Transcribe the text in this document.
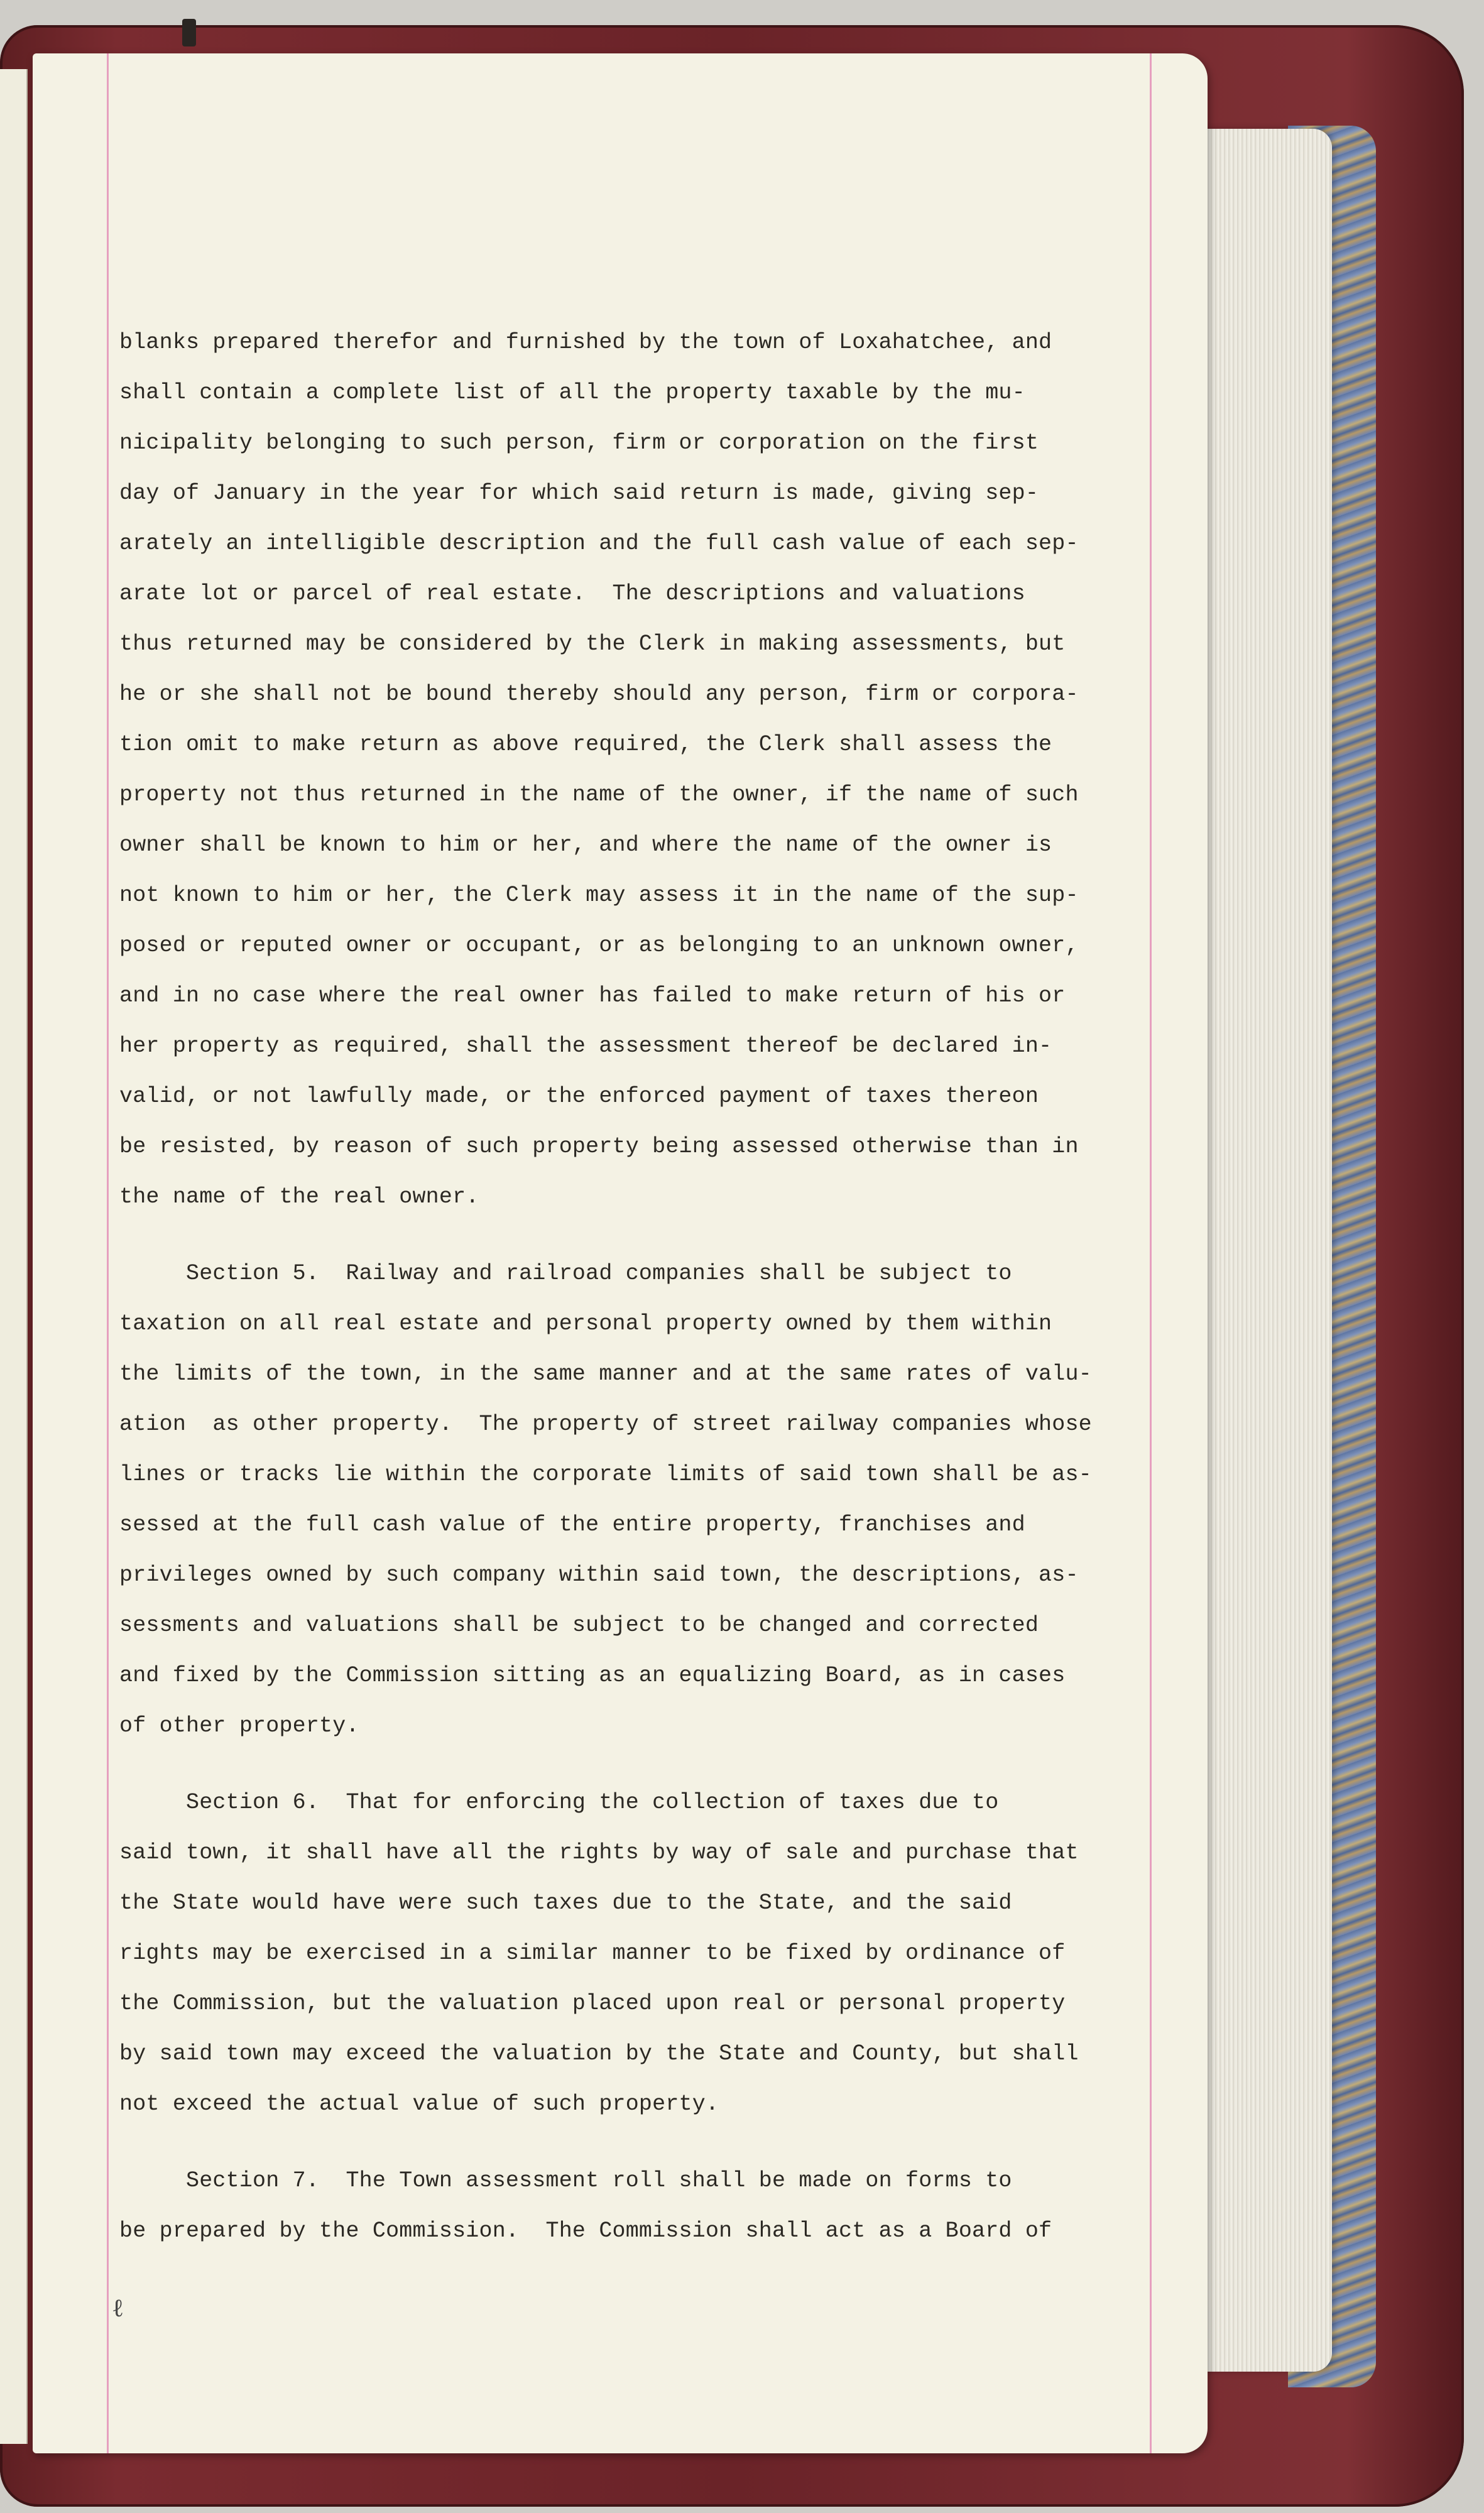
blanks prepared therefor and furnished by the town of Loxahatchee, and
shall contain a complete list of all the property taxable by the mu-
nicipality belonging to such person, firm or corporation on the first
day of January in the year for which said return is made, giving sep-
arately an intelligible description and the full cash value of each sep-
arate lot or parcel of real estate.  The descriptions and valuations
thus returned may be considered by the Clerk in making assessments, but
he or she shall not be bound thereby should any person, firm or corpora-
tion omit to make return as above required, the Clerk shall assess the
property not thus returned in the name of the owner, if the name of such
owner shall be known to him or her, and where the name of the owner is
not known to him or her, the Clerk may assess it in the name of the sup-
posed or reputed owner or occupant, or as belonging to an unknown owner,
and in no case where the real owner has failed to make return of his or
her property as required, shall the assessment thereof be declared in-
valid, or not lawfully made, or the enforced payment of taxes thereon
be resisted, by reason of such property being assessed otherwise than in
the name of the real owner.
Section 5.  Railway and railroad companies shall be subject to
taxation on all real estate and personal property owned by them within
the limits of the town, in the same manner and at the same rates of valu-
ation  as other property.  The property of street railway companies whose
lines or tracks lie within the corporate limits of said town shall be as-
sessed at the full cash value of the entire property, franchises and
privileges owned by such company within said town, the descriptions, as-
sessments and valuations shall be subject to be changed and corrected
and fixed by the Commission sitting as an equalizing Board, as in cases
of other property.
Section 6.  That for enforcing the collection of taxes due to
said town, it shall have all the rights by way of sale and purchase that
the State would have were such taxes due to the State, and the said
rights may be exercised in a similar manner to be fixed by ordinance of
the Commission, but the valuation placed upon real or personal property
by said town may exceed the valuation by the State and County, but shall
not exceed the actual value of such property.
Section 7.  The Town assessment roll shall be made on forms to
be prepared by the Commission.  The Commission shall act as a Board of
ℓ
